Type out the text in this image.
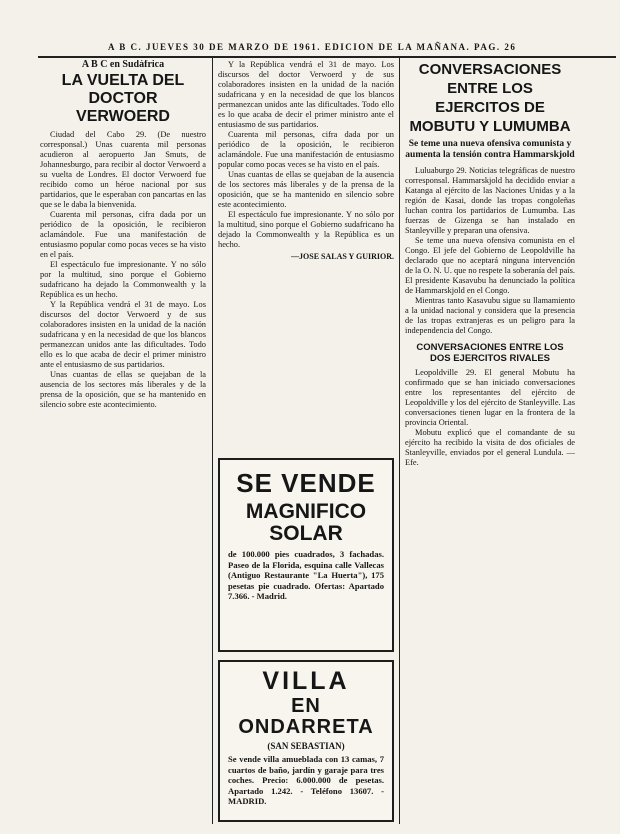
A B C. JUEVES 30 DE MARZO DE 1961. EDICION DE LA MAÑANA. PAG. 26
A B C en Sudáfrica
LA VUELTA DEL DOCTOR VERWOERD

Ciudad del Cabo 29. (De nuestro corresponsal.) Unas cuarenta mil personas acudieron al aeropuerto Jan Smuts, de Johannesburgo, para recibir al doctor Verwoerd a su vuelta de Londres. El doctor Verwoerd fue recibido como un héroe nacional por sus partidarios, que le esperaban con pancartas en las que se le daba la bienvenida.

Cuarenta mil personas, cifra dada por un periódico de la oposición, le recibieron aclamándole. Fue una manifestación de entusiasmo popular como pocas veces se ha visto en el país.

El espectáculo fue impresionante. Y no sólo por la multitud, sino porque el Gobierno sudafricano ha dejado la Commonwealth y la República es un hecho.

Y la República vendrá el 31 de mayo. Los discursos del doctor Verwoerd y de sus colaboradores insisten en la unidad de la nación sudafricana y en la necesidad de que los blancos permanezcan unidos ante las dificultades. Todo ello es lo que acaba de decir el primer ministro ante el entusiasmo de sus partidarios.

Unas cuantas de ellas se quejaban de la ausencia de los sectores más liberales y de la prensa de la oposición, que se ha mantenido en silencio sobre este acontecimiento.

Y la República vendrá el 31 de mayo. Los discursos del doctor Verwoerd y de sus colaboradores insisten en la unidad de la nación sudafricana y en la necesidad de que los blancos permanezcan unidos ante las dificultades. Todo ello es lo que acaba de decir el primer ministro ante el entusiasmo de sus partidarios.

Cuarenta mil personas, cifra dada por un periódico de la oposición, le recibieron aclamándole. Fue una manifestación de entusiasmo popular como pocas veces se ha visto en el país.

Unas cuantas de ellas se quejaban de la ausencia de los sectores más liberales y de la prensa de la oposición, que se ha mantenido en silencio sobre este acontecimiento.

El espectáculo fue impresionante. Y no sólo por la multitud, sino porque el Gobierno sudafricano ha dejado la Commonwealth y la República es un hecho.

—JOSE SALAS Y GUIRIOR.
SE VENDE
MAGNIFICO SOLAR
de 100.000 pies cuadrados, 3 fachadas. Paseo de la Florida, esquina calle Vallecas (Antiguo Restaurante "La Huerta"), 175 pesetas pie cuadrado. Ofertas: Apartado 7.366. - Madrid.
VILLA
EN ONDARRETA
(SAN SEBASTIAN)
Se vende villa amueblada con 13 camas, 7 cuartos de baño, jardín y garaje para tres coches. Precio: 6.000.000 de pesetas. Apartado 1.242. - Teléfono 13607. - MADRID.
CONVERSACIONES ENTRE LOS EJERCITOS DE MOBUTU Y LUMUMBA
Se teme una nueva ofensiva comunista y aumenta la tensión contra Hammarskjold

Luluaburgo 29. Noticias telegráficas de nuestro corresponsal. Hammarskjold ha decidido enviar a Katanga al ejército de las Naciones Unidas y a la región de Kasai, donde las tropas congoleñas luchan contra los partidarios de Lumumba. Las fuerzas de Gizenga se han instalado en Stanleyville y preparan una ofensiva.

Se teme una nueva ofensiva comunista en el Congo. El jefe del Gobierno de Leopoldville ha declarado que no aceptará ninguna intervención de la O. N. U. que no respete la soberanía del país. El presidente Kasavubu ha denunciado la política de Hammarskjold en el Congo.

Mientras tanto Kasavubu sigue su llamamiento a la unidad nacional y considera que la presencia de las tropas extranjeras es un peligro para la independencia del Congo.

CONVERSACIONES ENTRE LOS DOS EJERCITOS RIVALES

Leopoldville 29. El general Mobutu ha confirmado que se han iniciado conversaciones entre los representantes del ejército de Leopoldville y los del ejército de Stanleyville. Las conversaciones tienen lugar en la frontera de la provincia Oriental.

Mobutu explicó que el comandante de su ejército ha recibido la visita de dos oficiales de Stanleyville, enviados por el general Lundula. — Efe.
